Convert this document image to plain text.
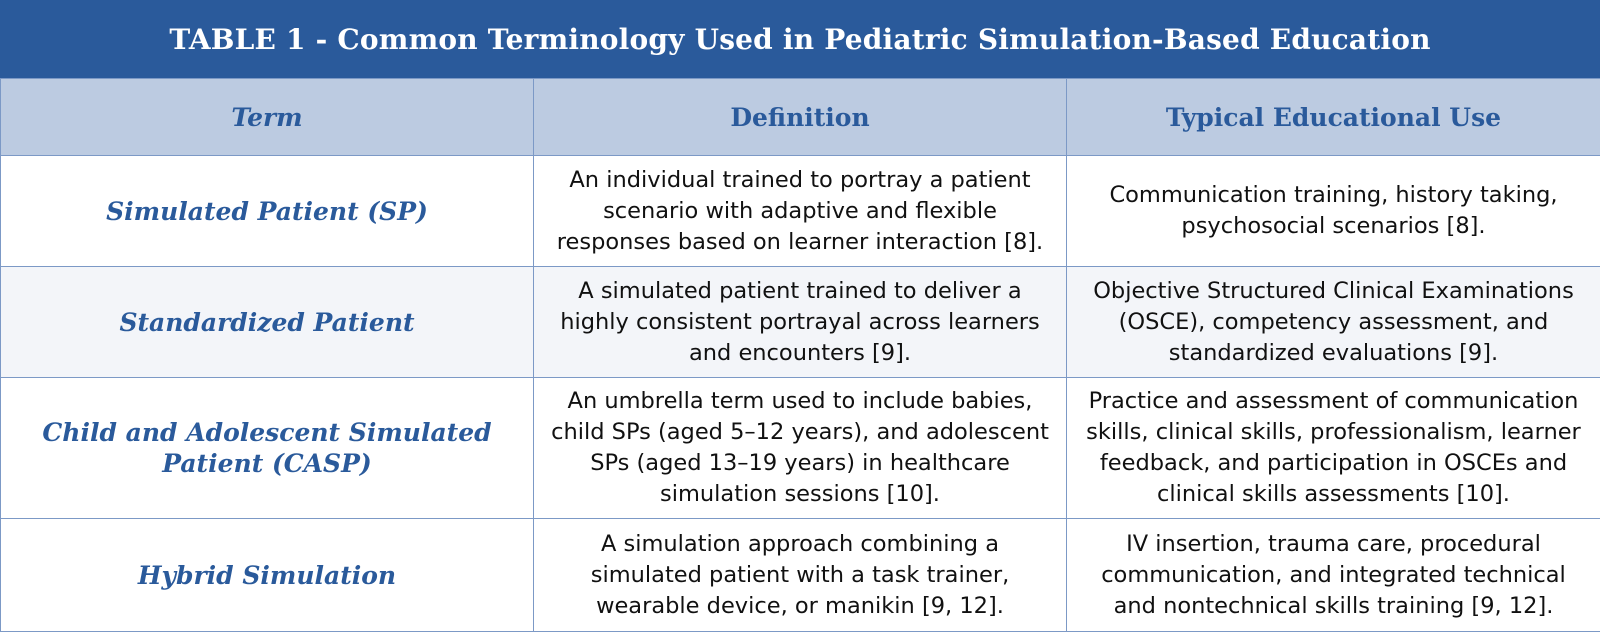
TABLE 1 - Common Terminology Used in Pediatric Simulation-Based Education
Term	Definition	Typical Educational Use
Simulated Patient (SP)	An individual trained to portray a patient scenario with adaptive and flexible responses based on learner interaction [8].	Communication training, history taking, psychosocial scenarios [8].
Standardized Patient	A simulated patient trained to deliver a highly consistent portrayal across learners and encounters [9].	Objective Structured Clinical Examinations (OSCE), competency assessment, and standardized evaluations [9].
Child and Adolescent Simulated Patient (CASP)	An umbrella term used to include babies, child SPs (aged 5–12 years), and adolescent SPs (aged 13–19 years) in healthcare simulation sessions [10].	Practice and assessment of communication skills, clinical skills, professionalism, learner feedback, and participation in OSCEs and clinical skills assessments [10].
Hybrid Simulation	A simulation approach combining a simulated patient with a task trainer, wearable device, or manikin [9, 12].	IV insertion, trauma care, procedural communication, and integrated technical and nontechnical skills training [9, 12].
